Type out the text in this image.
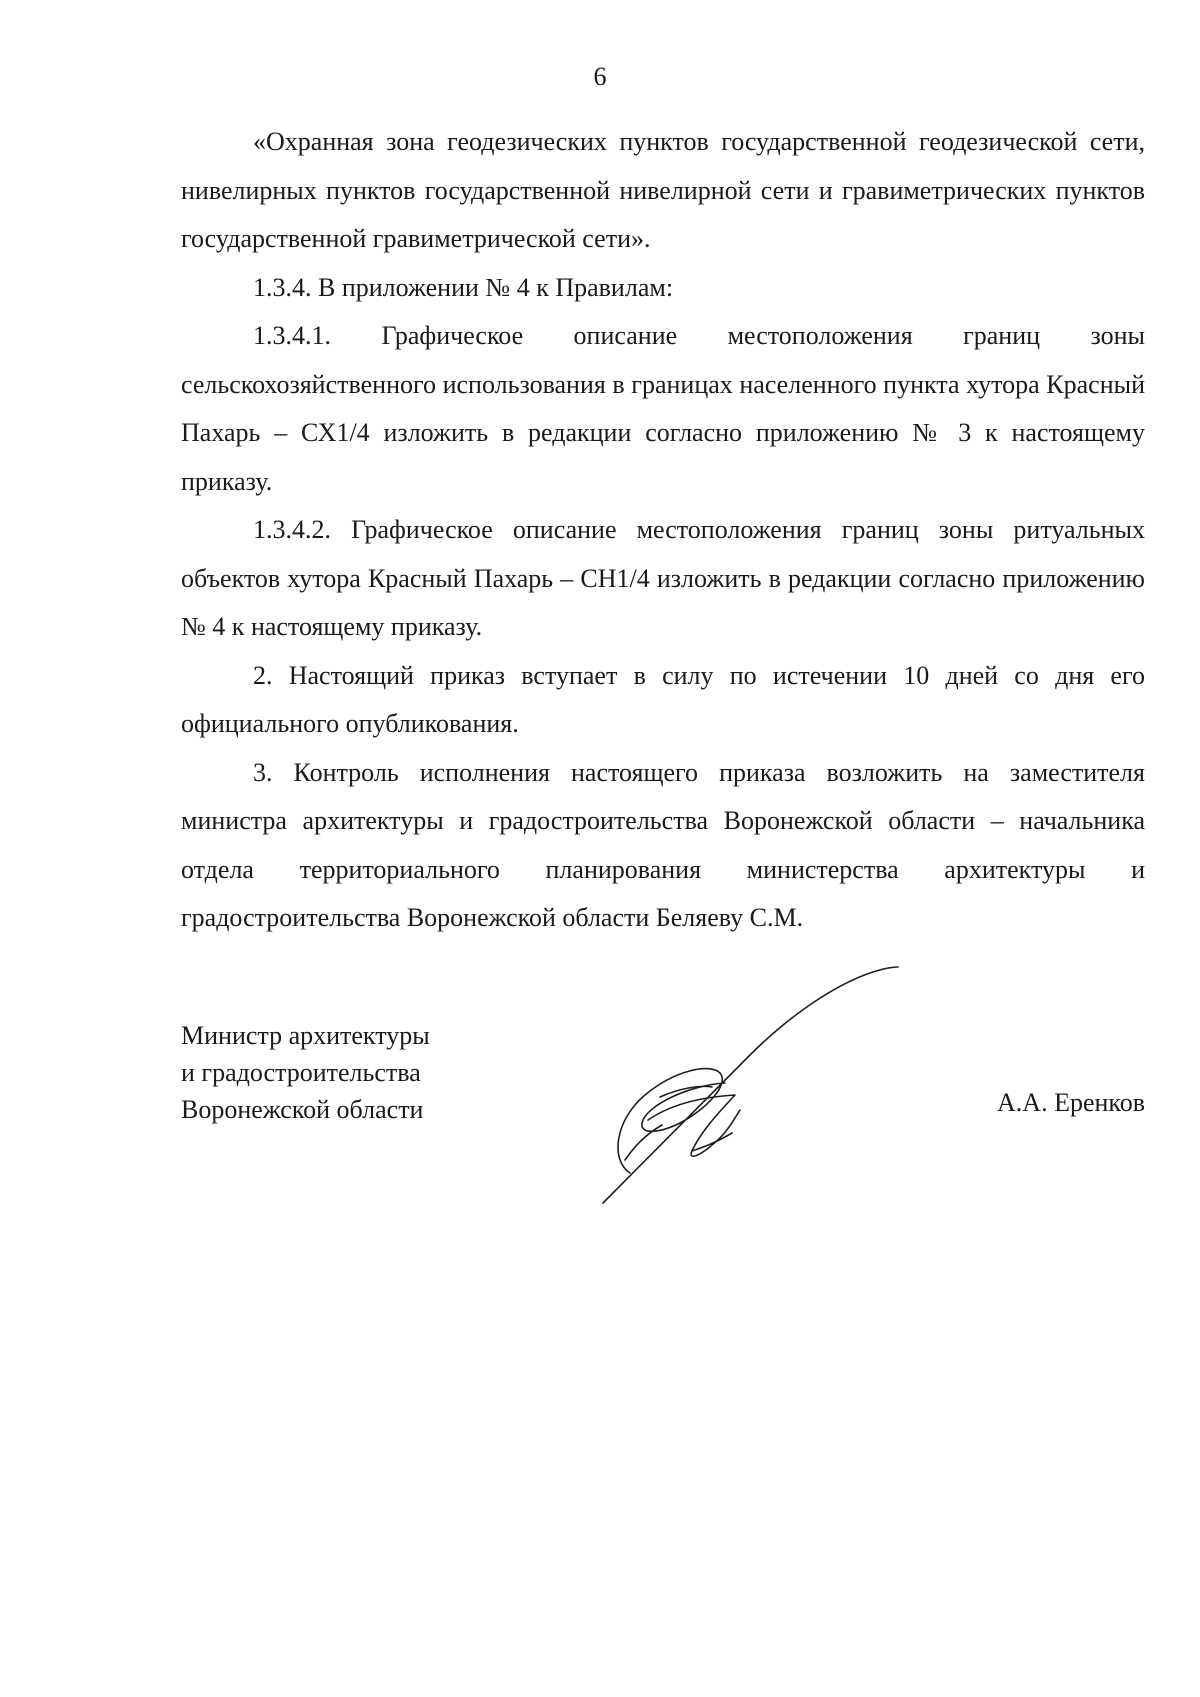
6

«Охранная зона геодезических пунктов государственной геодезической сети, нивелирных пунктов государственной нивелирной сети и гравиметрических пунктов государственной гравиметрической сети».

1.3.4. В приложении № 4 к Правилам:

1.3.4.1. Графическое описание местоположения границ зоны сельскохозяйственного использования в границах населенного пункта хутора Красный Пахарь – СХ1/4 изложить в редакции согласно приложению № 3 к настоящему приказу.

1.3.4.2. Графическое описание местоположения границ зоны ритуальных объектов хутора Красный Пахарь – СН1/4 изложить в редакции согласно приложению № 4 к настоящему приказу.

2. Настоящий приказ вступает в силу по истечении 10 дней со дня его официального опубликования.

3. Контроль исполнения настоящего приказа возложить на заместителя министра архитектуры и градостроительства Воронежской области – начальника отдела территориального планирования министерства архитектуры и градостроительства Воронежской области Беляеву С.М.

Министр архитектуры
и градостроительства
Воронежской области	А.А. Еренков
